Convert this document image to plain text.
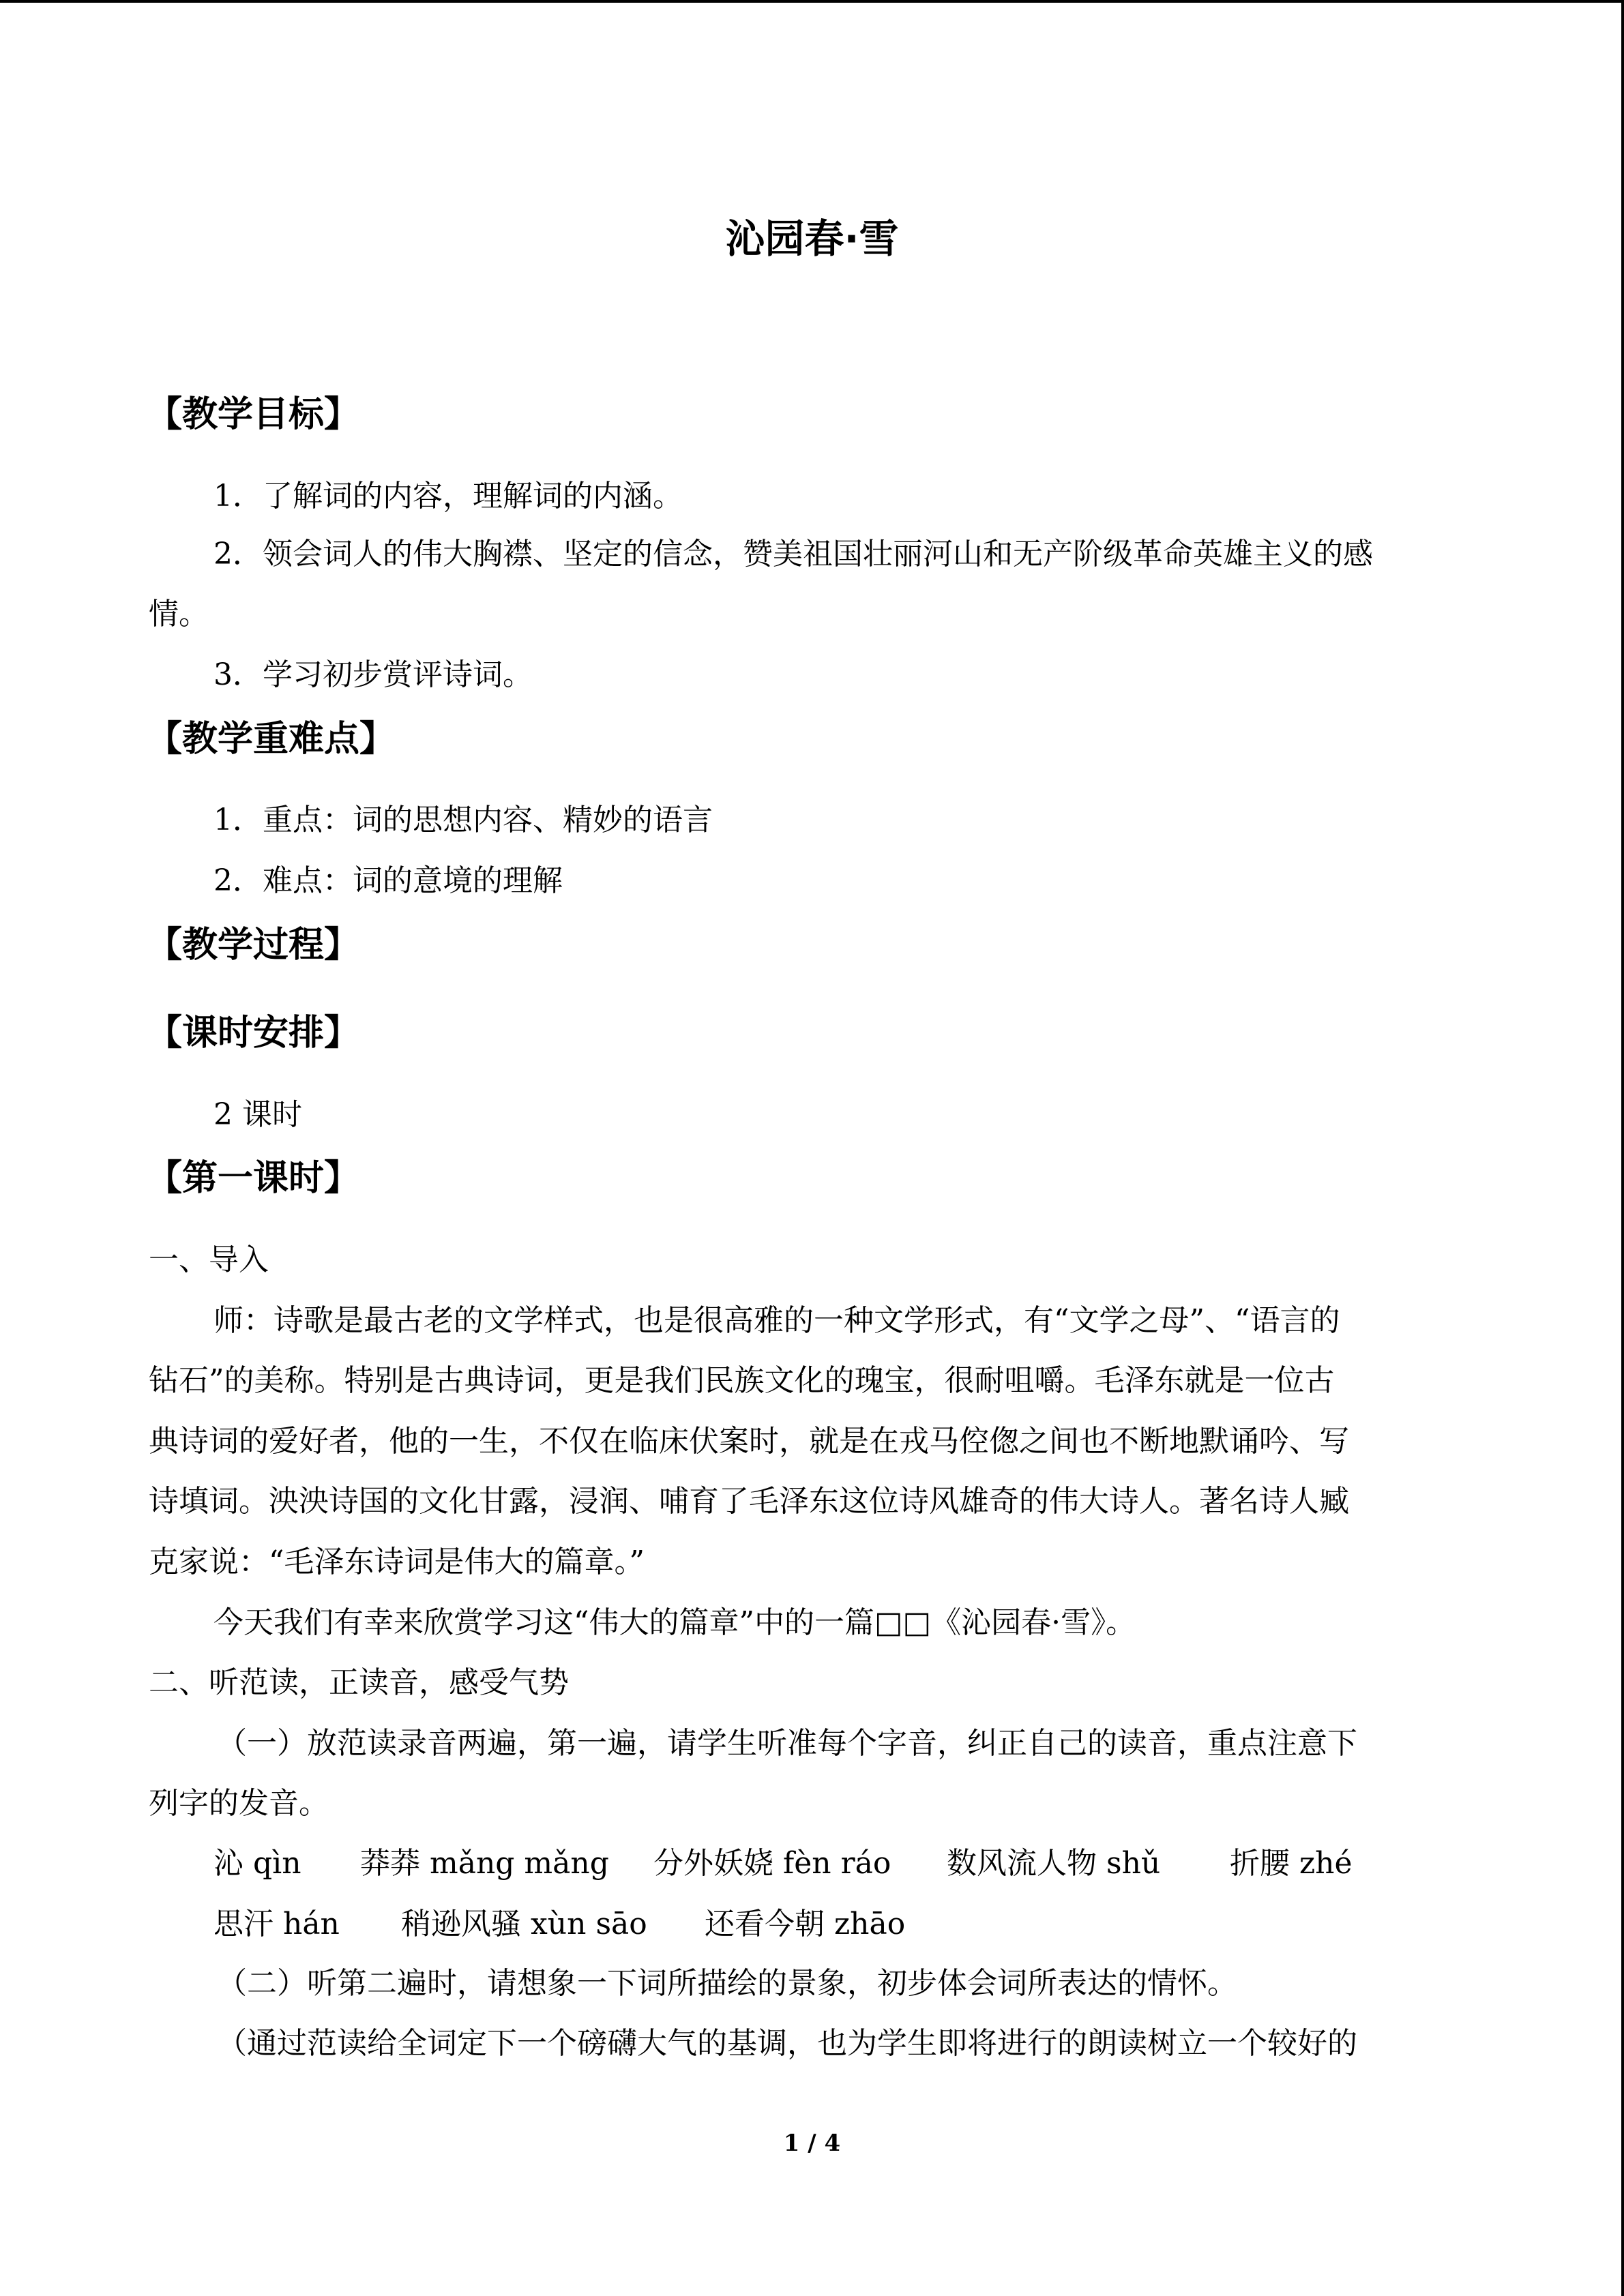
沁园春·雪
【教学目标】
1．了解词的内容，理解词的内涵。
2．领会词人的伟大胸襟、坚定的信念，赞美祖国壮丽河山和无产阶级革命英雄主义的感
情。
3．学习初步赏评诗词。
【教学重难点】
1．重点：词的思想内容、精妙的语言
2．难点：词的意境的理解
【教学过程】
【课时安排】
2 课时
【第一课时】
一、导入
师：诗歌是最古老的文学样式，也是很高雅的一种文学形式，有“文学之母”、“语言的
钻石”的美称。特别是古典诗词，更是我们民族文化的瑰宝，很耐咀嚼。毛泽东就是一位古
典诗词的爱好者，他的一生，不仅在临床伏案时，就是在戎马倥偬之间也不断地默诵吟、写
诗填词。泱泱诗国的文化甘露，浸润、哺育了毛泽东这位诗风雄奇的伟大诗人。著名诗人臧
克家说：“毛泽东诗词是伟大的篇章。”
今天我们有幸来欣赏学习这“伟大的篇章”中的一篇□□《沁园春·雪》。
二、听范读，正读音，感受气势
（一）放范读录音两遍，第一遍，请学生听准每个字音，纠正自己的读音，重点注意下
列字的发音。
沁 qìn 莽莽 mǎng mǎng 分外妖娆 fèn ráo 数风流人物 shǔ 折腰 zhé
思汗 hán 稍逊风骚 xùn sāo 还看今朝 zhāo
（二）听第二遍时，请想象一下词所描绘的景象，初步体会词所表达的情怀。
（通过范读给全词定下一个磅礴大气的基调，也为学生即将进行的朗读树立一个较好的
1 / 4
